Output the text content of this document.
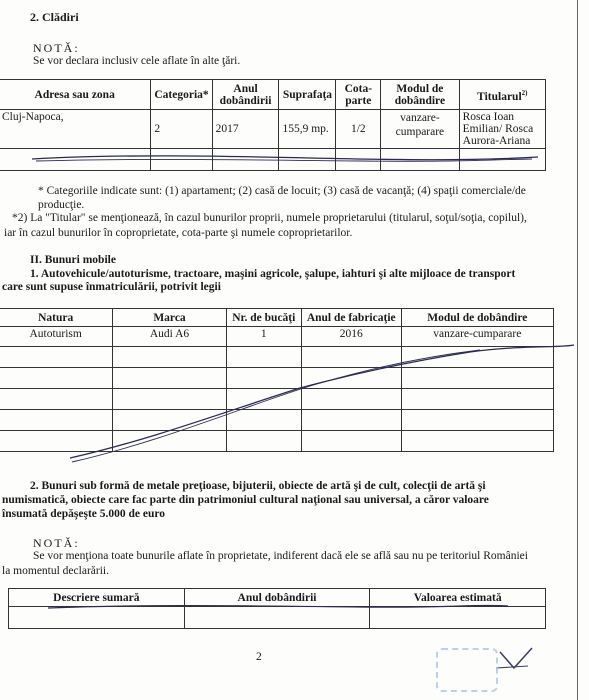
2. Clădiri
NOTĂ:
Se vor declara inclusiv cele aflate în alte ţări.
Adresa sau zona	Categoria*	Anul dobândirii	Suprafaţa	Cota-parte	Modul de dobândire	Titularul$^{2)}$
Cluj-Napoca,	2	2017	155,9 mp.	1/2	vanzare-cumparare	Rosca Ioan Emilian/ Rosca Aurora-Ariana

* Categoriile indicate sunt: (1) apartament; (2) casă de locuit; (3) casă de vacanţă; (4) spaţii comerciale/de producţie.
*2) La "Titular" se menţionează, în cazul bunurilor proprii, numele proprietarului (titularul, soţul/soţia, copilul),
iar în cazul bunurilor în coproprietate, cota-parte şi numele coproprietarilor.
II. Bunuri mobile
1. Autovehicule/autoturisme, tractoare, maşini agricole, şalupe, iahturi şi alte mijloace de transport
care sunt supuse înmatriculării, potrivit legii
Natura	Marca	Nr. de bucăţi	Anul de fabricaţie	Modul de dobândire
Autoturism	Audi A6	1	2016	vanzare-cumparare

2. Bunuri sub formă de metale preţioase, bijuterii, obiecte de artă şi de cult, colecţii de artă şi
numismatică, obiecte care fac parte din patrimoniul cultural naţional sau universal, a căror valoare
însumată depăşeşte 5.000 de euro
NOTĂ:
Se vor menţiona toate bunurile aflate în proprietate, indiferent dacă ele se află sau nu pe teritoriul României
la momentul declarării.
Descriere sumară	Anul dobândirii	Valoarea estimată

2
